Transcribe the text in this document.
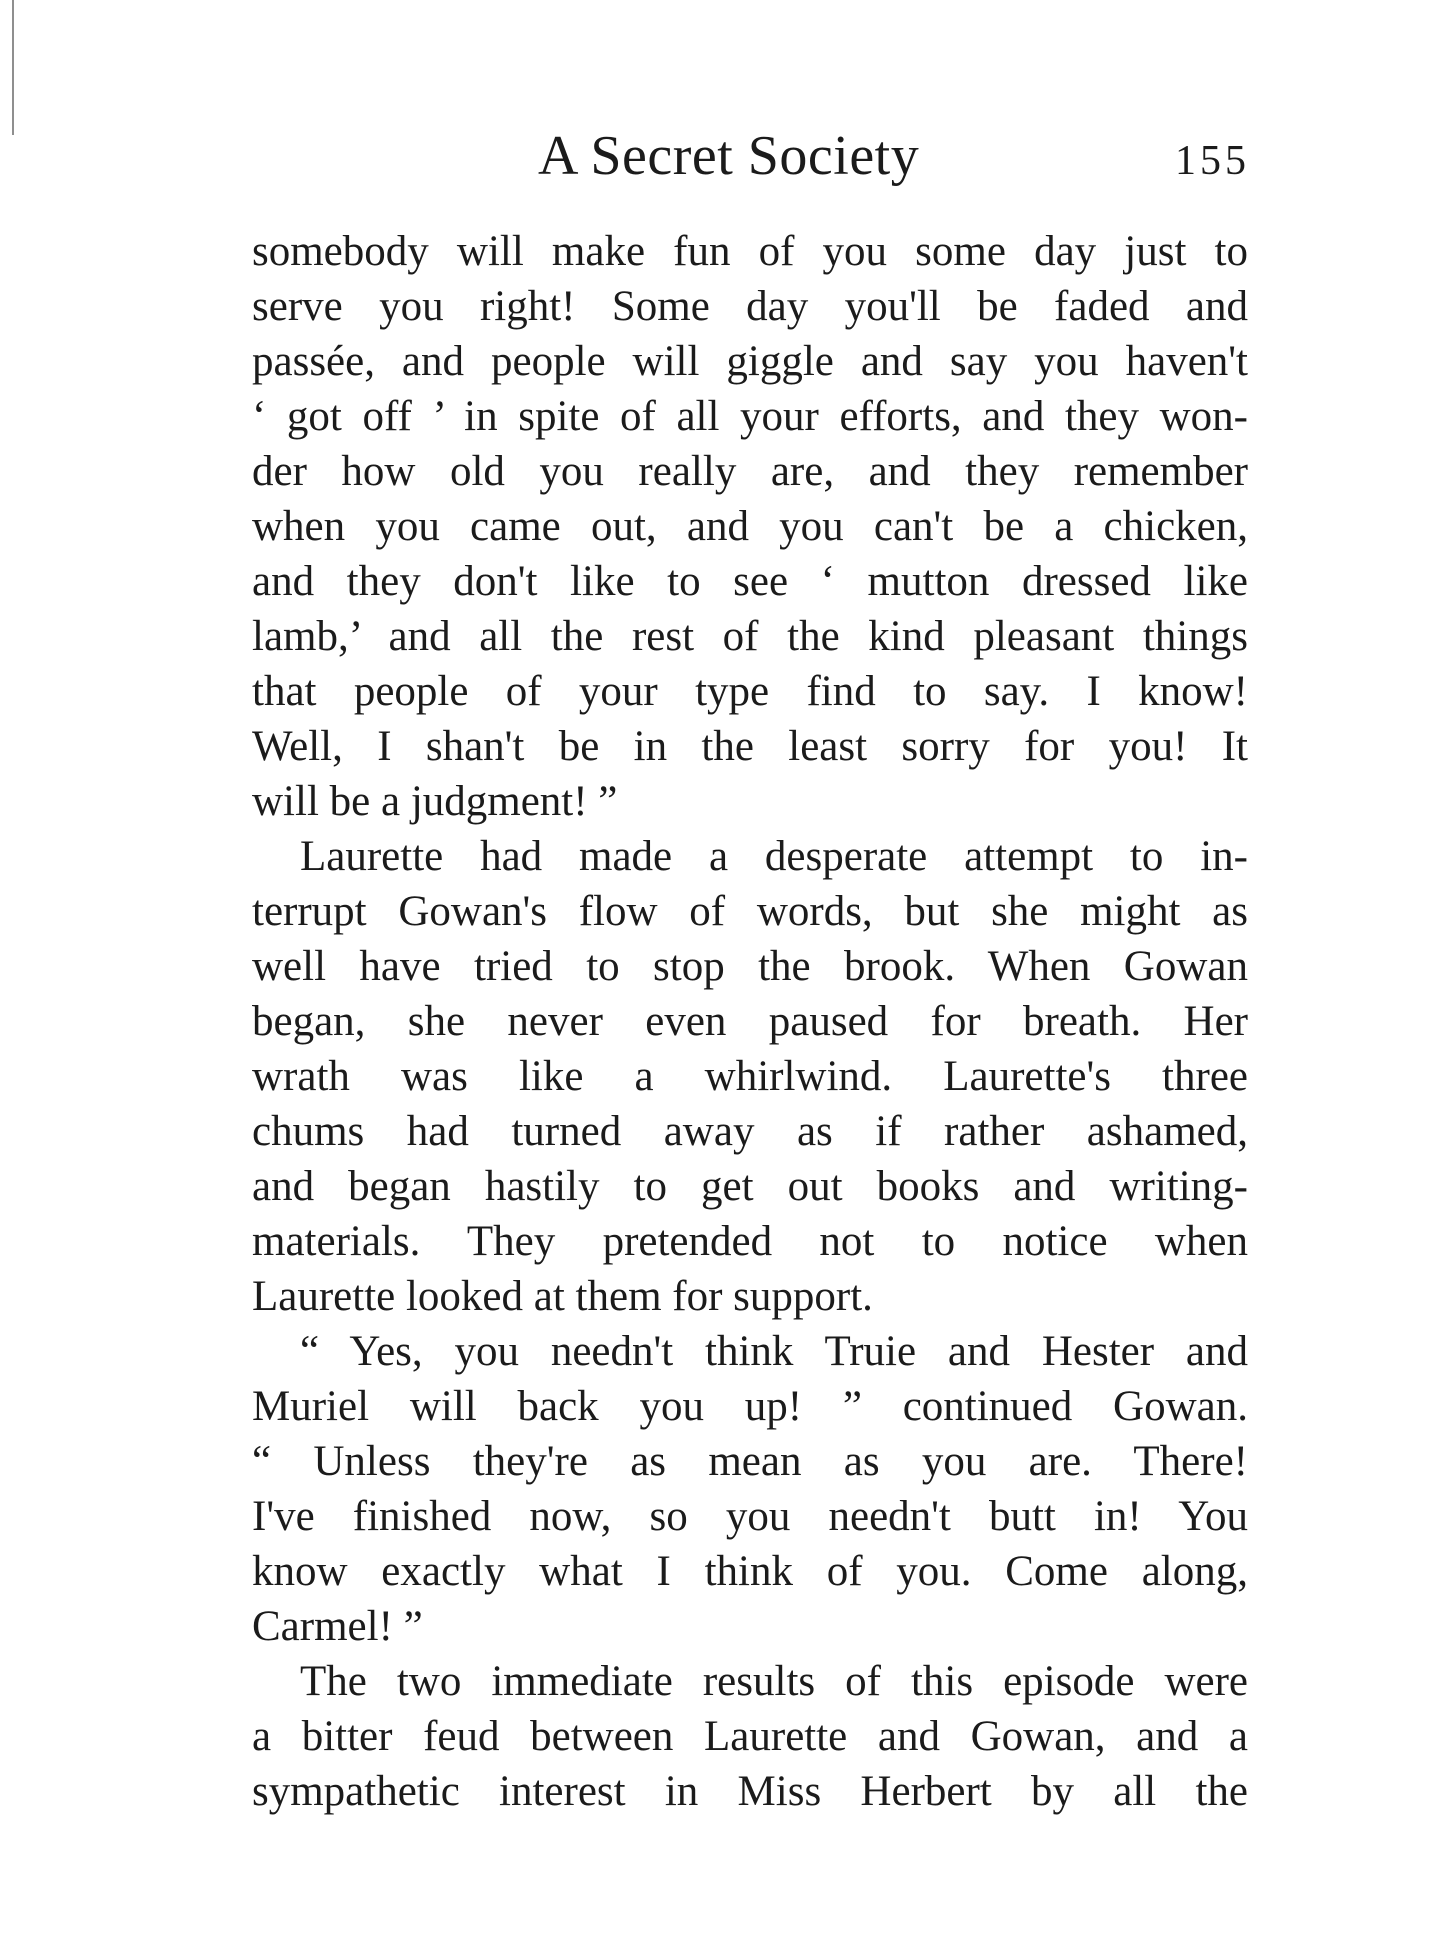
A Secret Society	155
somebody will make fun of you some day just to
serve you right! Some day you'll be faded and
passée, and people will giggle and say you haven't
‘ got off ’ in spite of all your efforts, and they won-
der how old you really are, and they remember
when you came out, and you can't be a chicken,
and they don't like to see ‘ mutton dressed like
lamb,’ and all the rest of the kind pleasant things
that people of your type find to say. I know!
Well, I shan't be in the least sorry for you! It
will be a judgment! ”
Laurette had made a desperate attempt to in-
terrupt Gowan's flow of words, but she might as
well have tried to stop the brook. When Gowan
began, she never even paused for breath. Her
wrath was like a whirlwind. Laurette's three
chums had turned away as if rather ashamed,
and began hastily to get out books and writing-
materials. They pretended not to notice when
Laurette looked at them for support.
“ Yes, you needn't think Truie and Hester and
Muriel will back you up! ” continued Gowan.
“ Unless they're as mean as you are. There!
I've finished now, so you needn't butt in! You
know exactly what I think of you. Come along,
Carmel! ”
The two immediate results of this episode were
a bitter feud between Laurette and Gowan, and a
sympathetic interest in Miss Herbert by all the
